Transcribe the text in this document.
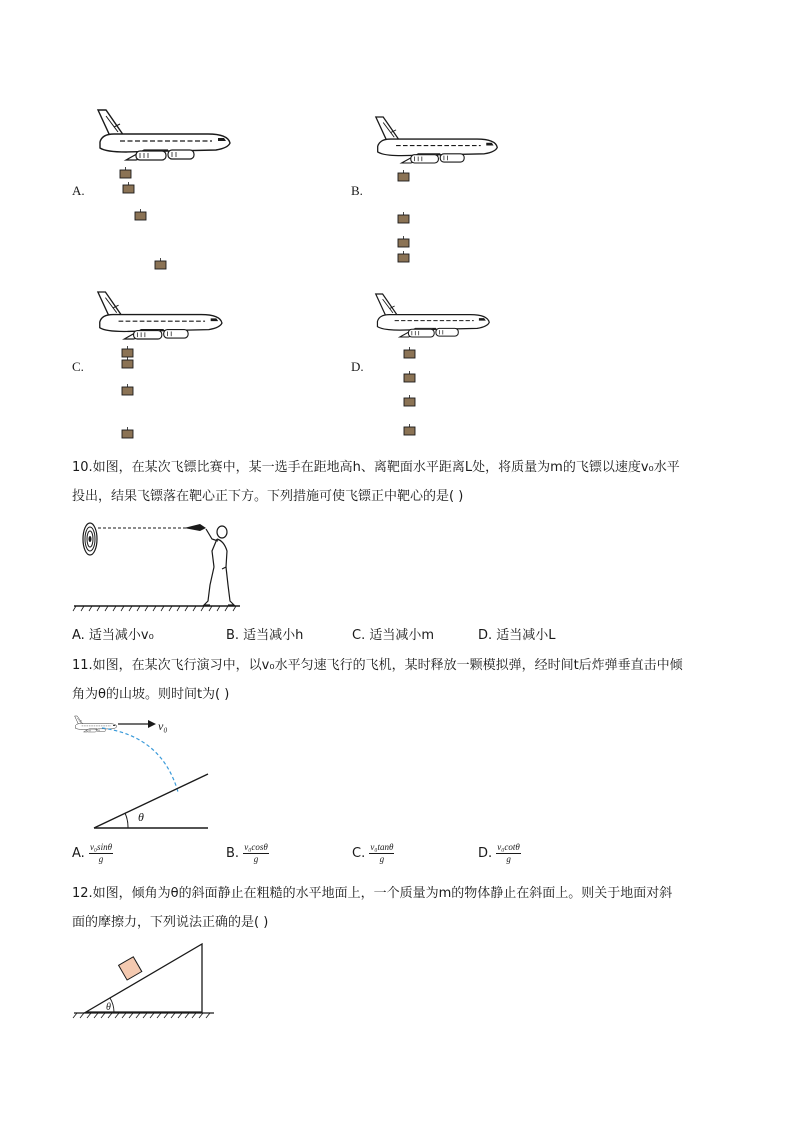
A.	B.
C.	D.
10.如图，在某次飞镖比赛中，某一选手在距地高h、离靶面水平距离L处，将质量为m的飞镖以速度v₀水平
投出，结果飞镖落在靶心正下方。下列措施可使飞镖正中靶心的是( )
A. 适当减小v₀	B. 适当减小h	C. 适当减小m	D. 适当减小L
11.如图，在某次飞行演习中，以v₀水平匀速飞行的飞机，某时释放一颗模拟弹，经时间t后炸弹垂直击中倾
角为θ的山坡。则时间t为( )
v₀
θ
A. $\frac{\text{v₀sinθ}}{g}$	B. $\frac{\text{v₀cosθ}}{g}$	C. $\frac{\text{v₀tanθ}}{g}$	D. $\frac{\text{v₀cotθ}}{g}$
12.如图，倾角为θ的斜面静止在粗糙的水平地面上，一个质量为m的物体静止在斜面上。则关于地面对斜
面的摩擦力，下列说法正确的是( )
θ
